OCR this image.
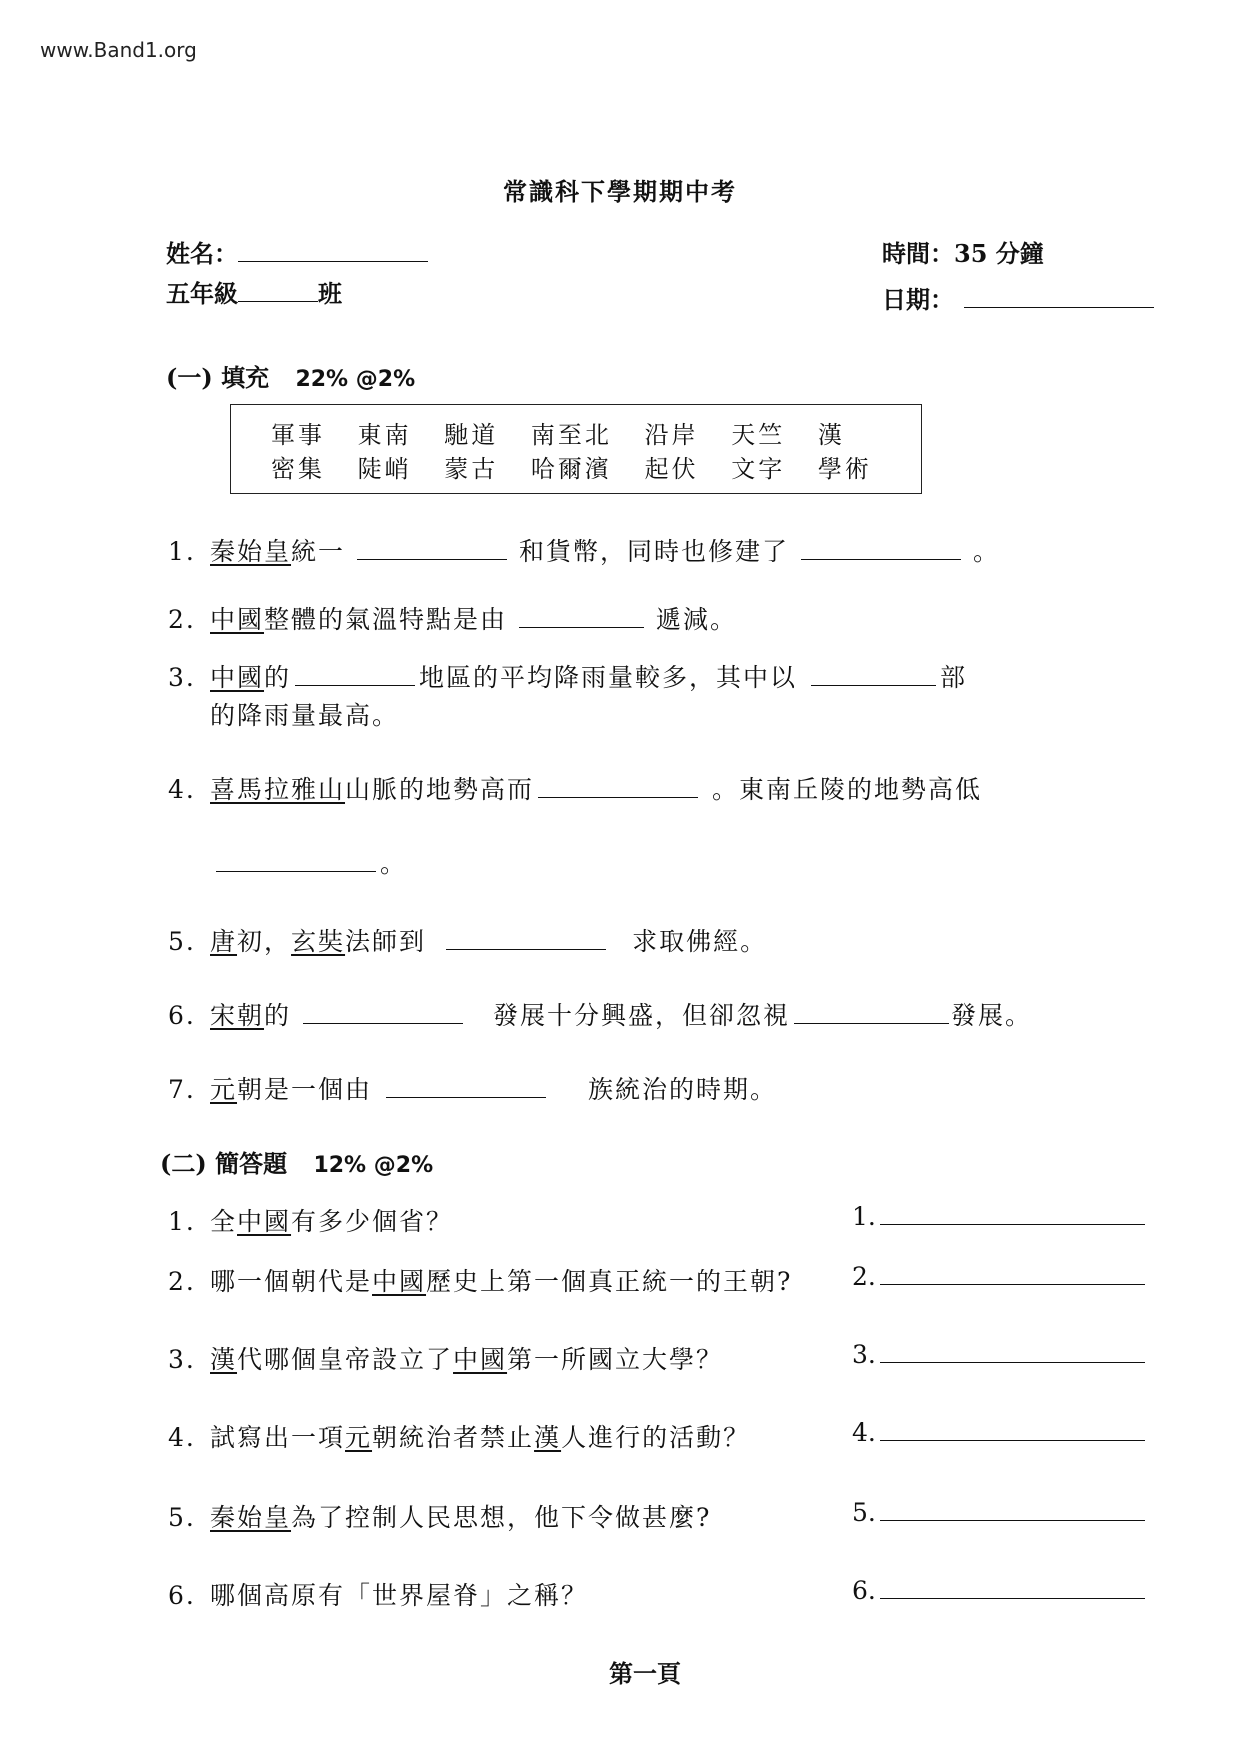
www.Band1.org
常識科下學期期中考
姓名：
五年級	班
時間：35 分鐘
日期：
(一) 填充 22% @2%
軍事 東南 馳道 南至北 沿岸 天竺 漢
密集 陡峭 蒙古 哈爾濱 起伏 文字 學術
1. 秦始皇統一	和貨幣，同時也修建了	。
2. 中國整體的氣溫特點是由	遞減。
3. 中國的	地區的平均降雨量較多，其中以	部
的降雨量最高。
4. 喜馬拉雅山山脈的地勢高而	。東南丘陵的地勢高低
。
5. 唐初，玄奘法師到	求取佛經。
6. 宋朝的	發展十分興盛，但卻忽視	發展。
7. 元朝是一個由	族統治的時期。
(二) 簡答題 12% @2%
1. 全中國有多少個省？	1.
2. 哪一個朝代是中國歷史上第一個真正統一的王朝? 2.
3. 漢代哪個皇帝設立了中國第一所國立大學？	3.
4. 試寫出一項元朝統治者禁止漢人進行的活動？	4.
5. 秦始皇為了控制人民思想，他下令做甚麼?	5.
6. 哪個高原有「世界屋脊」之稱？	6.
第一頁
